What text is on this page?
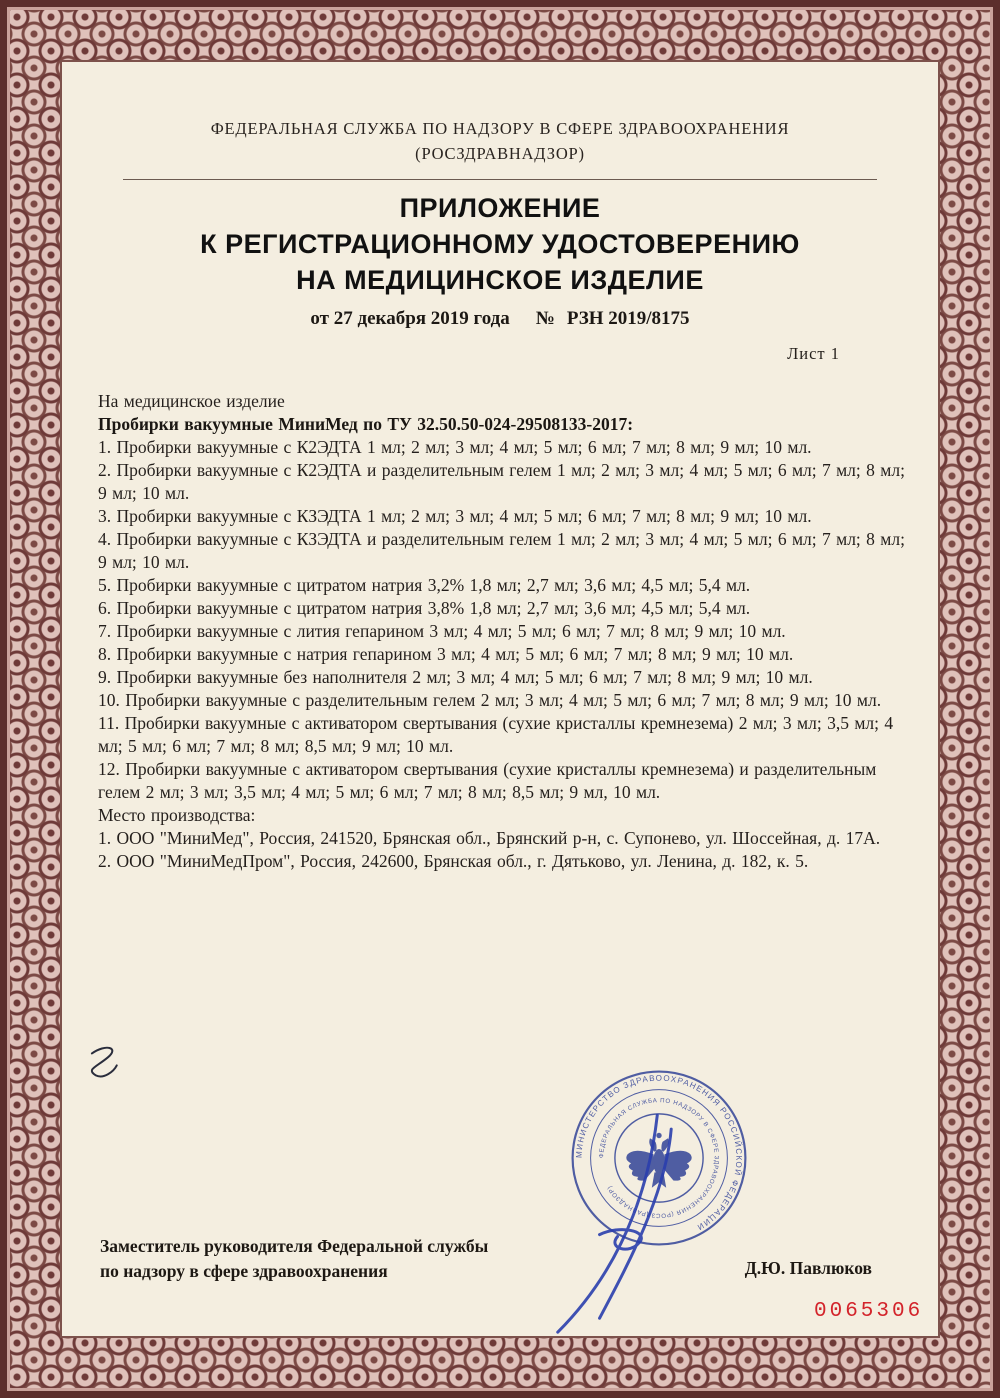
ФЕДЕРАЛЬНАЯ СЛУЖБА ПО НАДЗОРУ В СФЕРЕ ЗДРАВООХРАНЕНИЯ
(РОСЗДРАВНАДЗОР)
ПРИЛОЖЕНИЕ
К РЕГИСТРАЦИОННОМУ УДОСТОВЕРЕНИЮ
НА МЕДИЦИНСКОЕ ИЗДЕЛИЕ
от 27 декабря 2019 года № РЗН 2019/8175
Лист 1

На медицинское изделие

Пробирки вакуумные МиниМед по ТУ 32.50.50-024-29508133-2017:

1. Пробирки вакуумные с К2ЭДТА 1 мл; 2 мл; 3 мл; 4 мл; 5 мл; 6 мл; 7 мл; 8 мл; 9 мл; 10 мл.

2. Пробирки вакуумные с К2ЭДТА и разделительным гелем 1 мл; 2 мл; 3 мл; 4 мл; 5 мл; 6 мл; 7 мл; 8 мл; 9 мл; 10 мл.

3. Пробирки вакуумные с КЗЭДТА 1 мл; 2 мл; 3 мл; 4 мл; 5 мл; 6 мл; 7 мл; 8 мл; 9 мл; 10 мл.

4. Пробирки вакуумные с КЗЭДТА и разделительным гелем 1 мл; 2 мл; 3 мл; 4 мл; 5 мл; 6 мл; 7 мл; 8 мл; 9 мл; 10 мл.

5. Пробирки вакуумные с цитратом натрия 3,2% 1,8 мл; 2,7 мл; 3,6 мл; 4,5 мл; 5,4 мл.

6. Пробирки вакуумные с цитратом натрия 3,8% 1,8 мл; 2,7 мл; 3,6 мл; 4,5 мл; 5,4 мл.

7. Пробирки вакуумные с лития гепарином 3 мл; 4 мл; 5 мл; 6 мл; 7 мл; 8 мл; 9 мл; 10 мл.

8. Пробирки вакуумные с натрия гепарином 3 мл; 4 мл; 5 мл; 6 мл; 7 мл; 8 мл; 9 мл; 10 мл.

9. Пробирки вакуумные без наполнителя 2 мл; 3 мл; 4 мл; 5 мл; 6 мл; 7 мл; 8 мл; 9 мл; 10 мл.

10. Пробирки вакуумные с разделительным гелем 2 мл; 3 мл; 4 мл; 5 мл; 6 мл; 7 мл; 8 мл; 9 мл; 10 мл.

11. Пробирки вакуумные с активатором свертывания (сухие кристаллы кремнезема) 2 мл; 3 мл; 3,5 мл; 4 мл; 5 мл; 6 мл; 7 мл; 8 мл; 8,5 мл; 9 мл; 10 мл.

12. Пробирки вакуумные с активатором свертывания (сухие кристаллы кремнезема) и разделительным гелем 2 мл; 3 мл; 3,5 мл; 4 мл; 5 мл; 6 мл; 7 мл; 8 мл; 8,5 мл; 9 мл, 10 мл.

Место производства:

1. ООО "МиниМед", Россия, 241520, Брянская обл., Брянский р-н, с. Супонево, ул. Шоссейная, д. 17А.

2. ООО "МиниМедПром", Россия, 242600, Брянская обл., г. Дятьково, ул. Ленина, д. 182, к. 5.

МИНИСТЕРСТВО ЗДРАВООХРАНЕНИЯ РОССИЙСКОЙ ФЕДЕРАЦИИ
ФЕДЕРАЛЬНАЯ СЛУЖБА ПО НАДЗОРУ В СФЕРЕ ЗДРАВООХРАНЕНИЯ (РОСЗДРАВНАДЗОР)
Заместитель руководителя Федеральной службы
по надзору в сфере здравоохранения	Д.Ю. Павлюков
0065306
